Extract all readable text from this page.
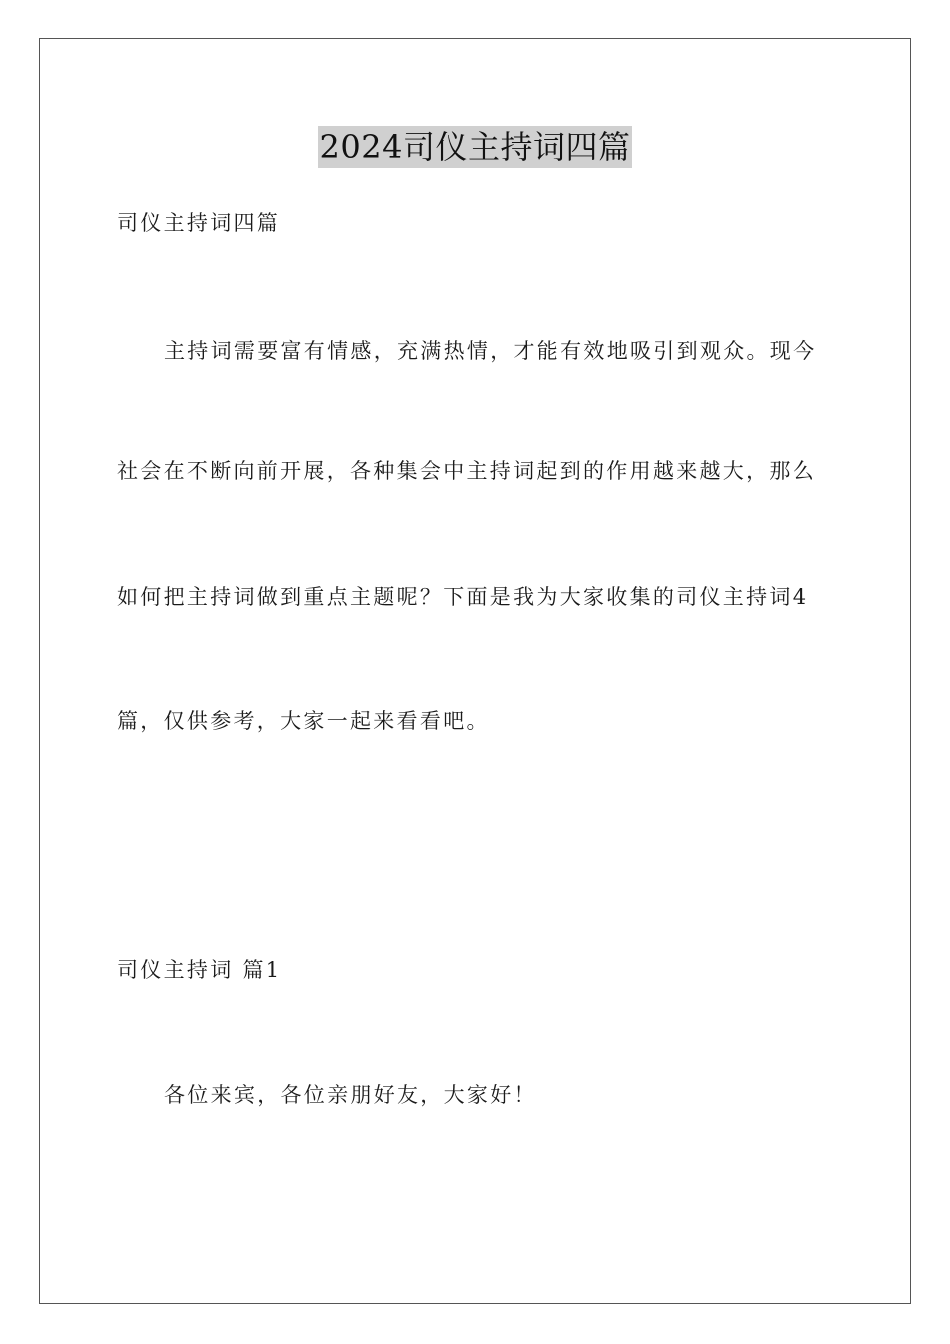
2024司仪主持词四篇
司仪主持词四篇
主持词需要富有情感，充满热情，才能有效地吸引到观众。现今
社会在不断向前开展，各种集会中主持词起到的作用越来越大，那么
如何把主持词做到重点主题呢？下面是我为大家收集的司仪主持词4
篇，仅供参考，大家一起来看看吧。
司仪主持词 篇1
各位来宾，各位亲朋好友，大家好！
